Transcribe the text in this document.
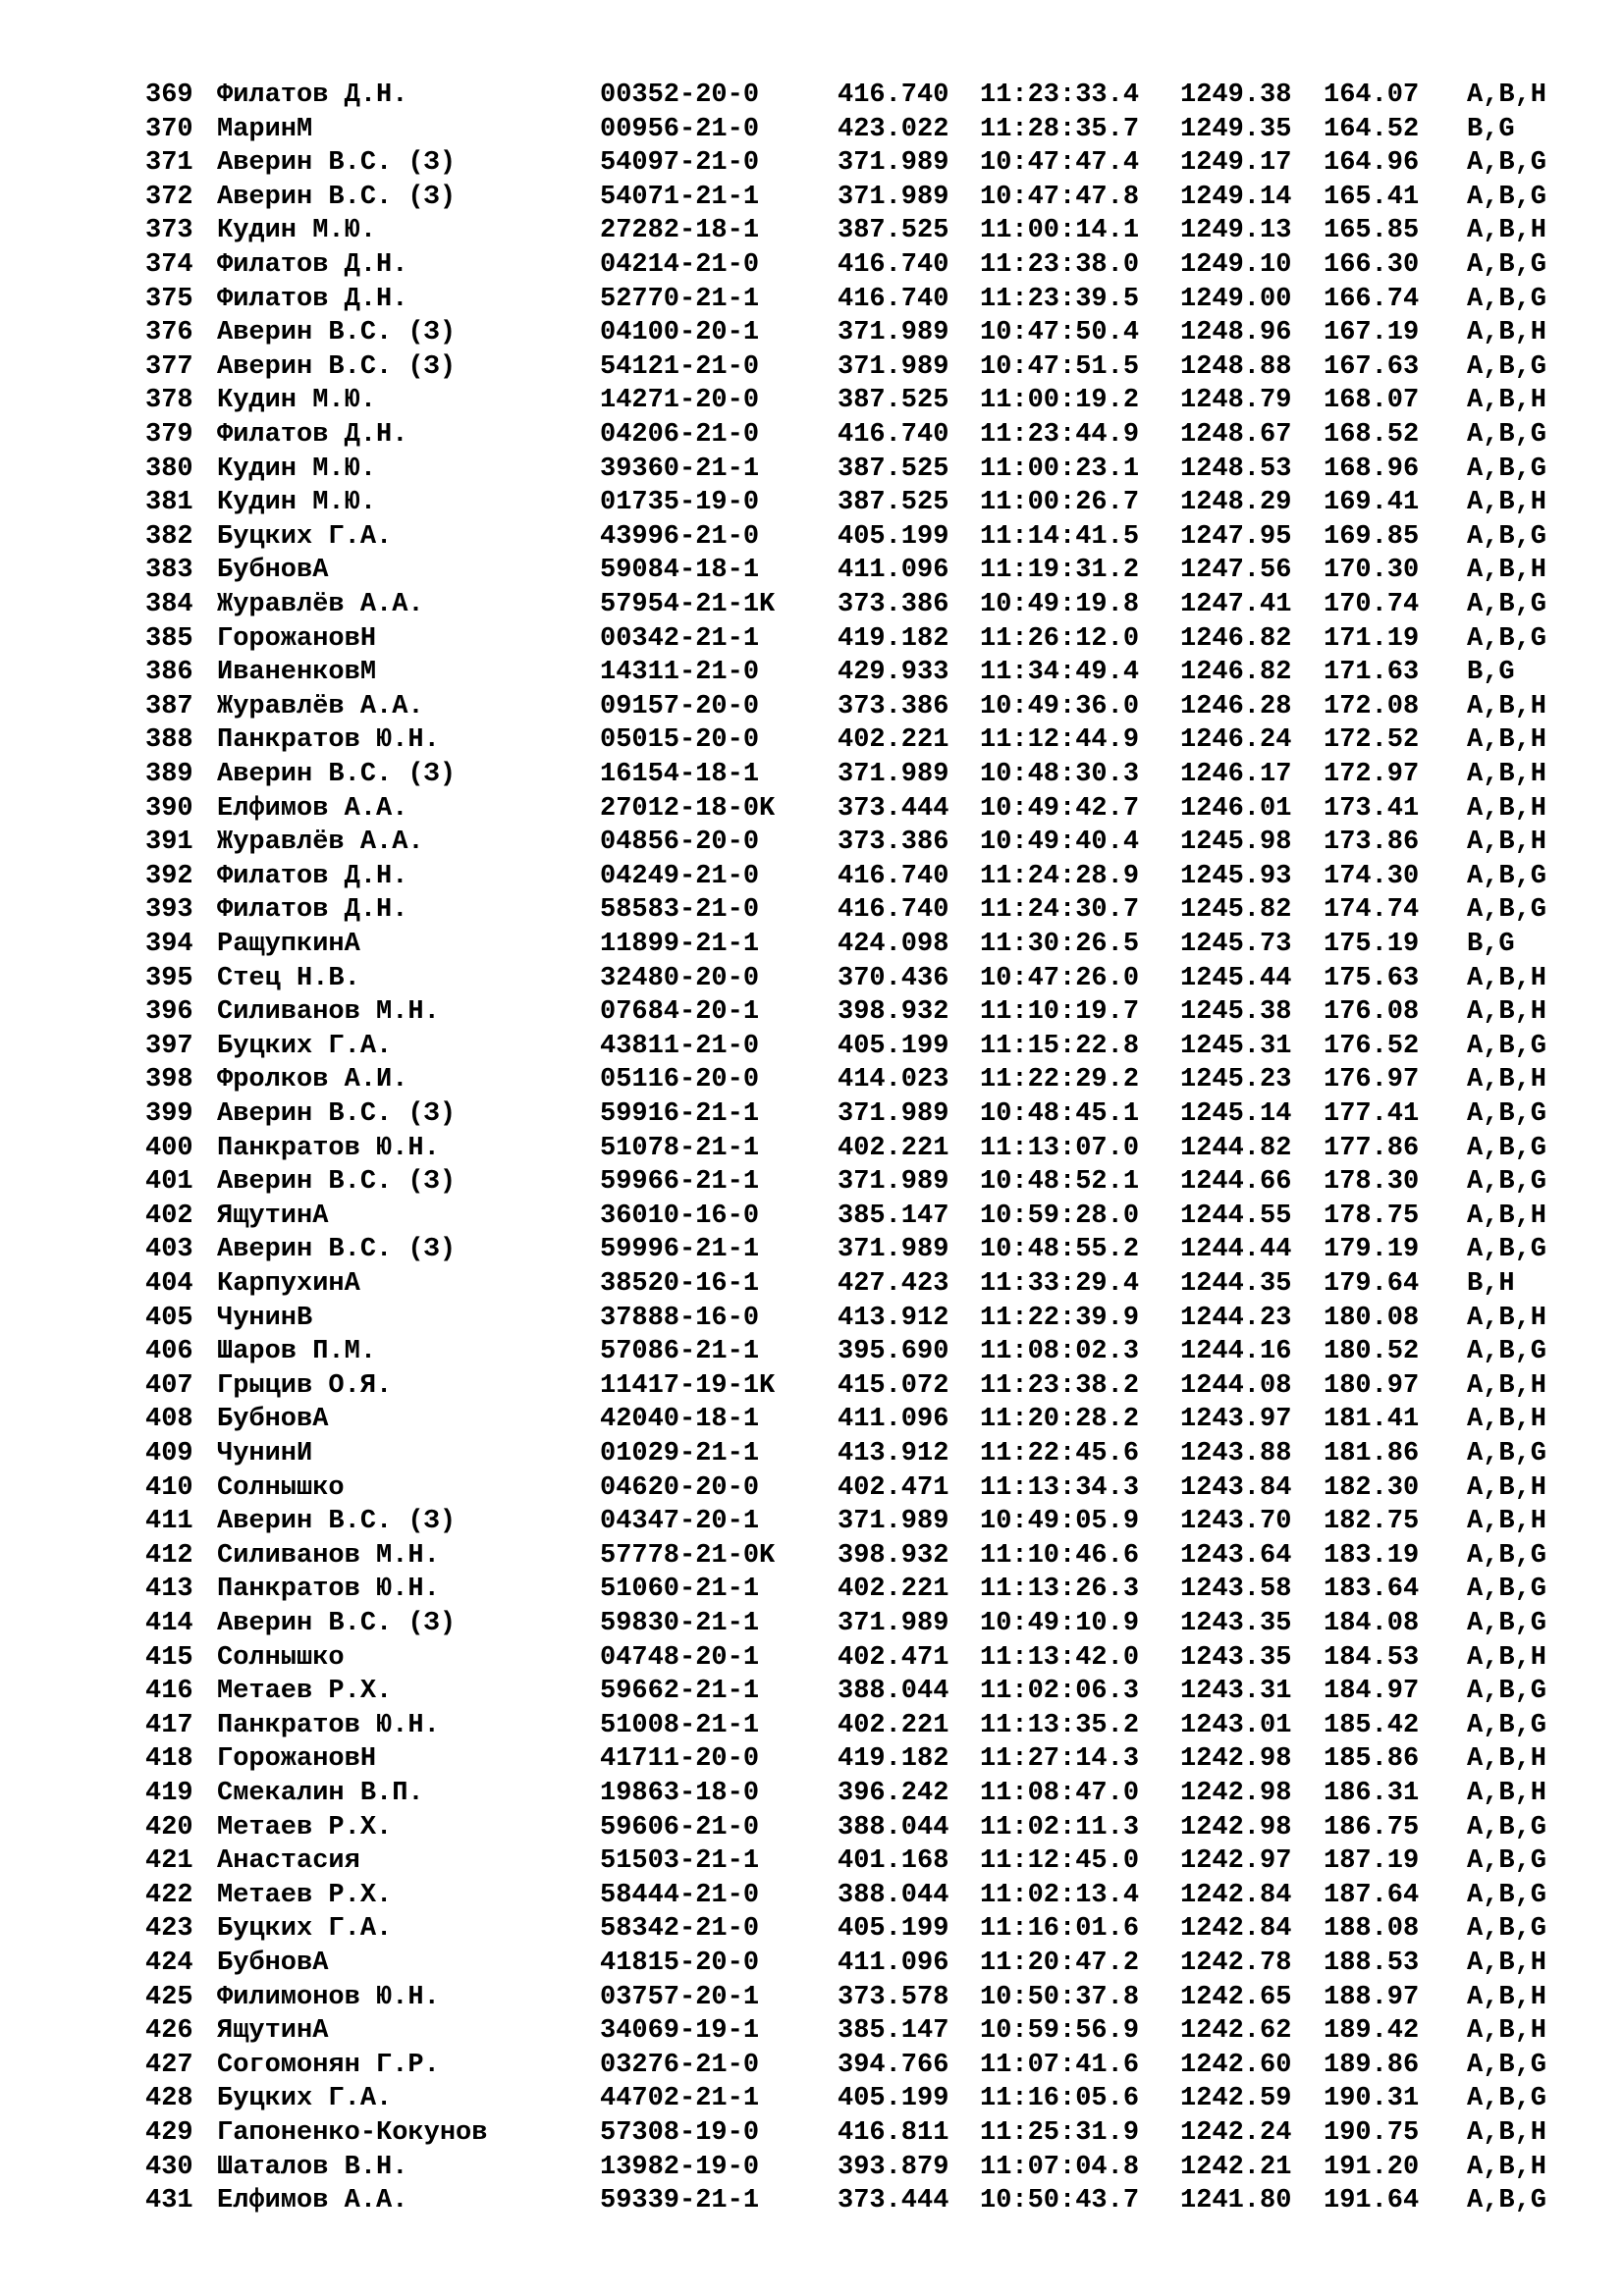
369 Филатов Д.Н.	00352-20-0	416.740 11:23:33.4 1249.38 164.07 A,B,H
370 МаринМ	00956-21-0	423.022 11:28:35.7 1249.35 164.52 B,G
371 Аверин В.С. (З)	54097-21-0	371.989 10:47:47.4 1249.17 164.96 A,B,G
372 Аверин В.С. (З)	54071-21-1	371.989 10:47:47.8 1249.14 165.41 A,B,G
373 Кудин М.Ю.	27282-18-1	387.525 11:00:14.1 1249.13 165.85 A,B,H
374 Филатов Д.Н.	04214-21-0	416.740 11:23:38.0 1249.10 166.30 A,B,G
375 Филатов Д.Н.	52770-21-1	416.740 11:23:39.5 1249.00 166.74 A,B,G
376 Аверин В.С. (З)	04100-20-1	371.989 10:47:50.4 1248.96 167.19 A,B,H
377 Аверин В.С. (З)	54121-21-0	371.989 10:47:51.5 1248.88 167.63 A,B,G
378 Кудин М.Ю.	14271-20-0	387.525 11:00:19.2 1248.79 168.07 A,B,H
379 Филатов Д.Н.	04206-21-0	416.740 11:23:44.9 1248.67 168.52 A,B,G
380 Кудин М.Ю.	39360-21-1	387.525 11:00:23.1 1248.53 168.96 A,B,G
381 Кудин М.Ю.	01735-19-0	387.525 11:00:26.7 1248.29 169.41 A,B,H
382 Буцких Г.А.	43996-21-0	405.199 11:14:41.5 1247.95 169.85 A,B,G
383 БубновА	59084-18-1	411.096 11:19:31.2 1247.56 170.30 A,B,H
384 Журавлёв А.А.	57954-21-1K 373.386 10:49:19.8 1247.41 170.74 A,B,G
385 ГорожановН	00342-21-1	419.182 11:26:12.0 1246.82 171.19 A,B,G
386 ИваненковМ	14311-21-0	429.933 11:34:49.4 1246.82 171.63 B,G
387 Журавлёв А.А.	09157-20-0	373.386 10:49:36.0 1246.28 172.08 A,B,H
388 Панкратов Ю.Н.	05015-20-0	402.221 11:12:44.9 1246.24 172.52 A,B,H
389 Аверин В.С. (З)	16154-18-1	371.989 10:48:30.3 1246.17 172.97 A,B,H
390 Елфимов А.А.	27012-18-0K 373.444 10:49:42.7 1246.01 173.41 A,B,H
391 Журавлёв А.А.	04856-20-0	373.386 10:49:40.4 1245.98 173.86 A,B,H
392 Филатов Д.Н.	04249-21-0	416.740 11:24:28.9 1245.93 174.30 A,B,G
393 Филатов Д.Н.	58583-21-0	416.740 11:24:30.7 1245.82 174.74 A,B,G
394 РащупкинА	11899-21-1	424.098 11:30:26.5 1245.73 175.19 B,G
395 Стец Н.В.	32480-20-0	370.436 10:47:26.0 1245.44 175.63 A,B,H
396 Силиванов М.Н.	07684-20-1	398.932 11:10:19.7 1245.38 176.08 A,B,H
397 Буцких Г.А.	43811-21-0	405.199 11:15:22.8 1245.31 176.52 A,B,G
398 Фролков А.И.	05116-20-0	414.023 11:22:29.2 1245.23 176.97 A,B,H
399 Аверин В.С. (З)	59916-21-1	371.989 10:48:45.1 1245.14 177.41 A,B,G
400 Панкратов Ю.Н.	51078-21-1	402.221 11:13:07.0 1244.82 177.86 A,B,G
401 Аверин В.С. (З)	59966-21-1	371.989 10:48:52.1 1244.66 178.30 A,B,G
402 ЯщутинА	36010-16-0	385.147 10:59:28.0 1244.55 178.75 A,B,H
403 Аверин В.С. (З)	59996-21-1	371.989 10:48:55.2 1244.44 179.19 A,B,G
404 КарпухинА	38520-16-1	427.423 11:33:29.4 1244.35 179.64 B,H
405 ЧунинВ	37888-16-0	413.912 11:22:39.9 1244.23 180.08 A,B,H
406 Шаров П.М.	57086-21-1	395.690 11:08:02.3 1244.16 180.52 A,B,G
407 Грыцив О.Я.	11417-19-1K 415.072 11:23:38.2 1244.08 180.97 A,B,H
408 БубновА	42040-18-1	411.096 11:20:28.2 1243.97 181.41 A,B,H
409 ЧунинИ	01029-21-1	413.912 11:22:45.6 1243.88 181.86 A,B,G
410 Солнышко	04620-20-0	402.471 11:13:34.3 1243.84 182.30 A,B,H
411 Аверин В.С. (З)	04347-20-1	371.989 10:49:05.9 1243.70 182.75 A,B,H
412 Силиванов М.Н.	57778-21-0K 398.932 11:10:46.6 1243.64 183.19 A,B,G
413 Панкратов Ю.Н.	51060-21-1	402.221 11:13:26.3 1243.58 183.64 A,B,G
414 Аверин В.С. (З)	59830-21-1	371.989 10:49:10.9 1243.35 184.08 A,B,G
415 Солнышко	04748-20-1	402.471 11:13:42.0 1243.35 184.53 A,B,H
416 Метаев Р.Х.	59662-21-1	388.044 11:02:06.3 1243.31 184.97 A,B,G
417 Панкратов Ю.Н.	51008-21-1	402.221 11:13:35.2 1243.01 185.42 A,B,G
418 ГорожановН	41711-20-0	419.182 11:27:14.3 1242.98 185.86 A,B,H
419 Смекалин В.П.	19863-18-0	396.242 11:08:47.0 1242.98 186.31 A,B,H
420 Метаев Р.Х.	59606-21-0	388.044 11:02:11.3 1242.98 186.75 A,B,G
421 Анастасия	51503-21-1	401.168 11:12:45.0 1242.97 187.19 A,B,G
422 Метаев Р.Х.	58444-21-0	388.044 11:02:13.4 1242.84 187.64 A,B,G
423 Буцких Г.А.	58342-21-0	405.199 11:16:01.6 1242.84 188.08 A,B,G
424 БубновА	41815-20-0	411.096 11:20:47.2 1242.78 188.53 A,B,H
425 Филимонов Ю.Н.	03757-20-1	373.578 10:50:37.8 1242.65 188.97 A,B,H
426 ЯщутинА	34069-19-1	385.147 10:59:56.9 1242.62 189.42 A,B,H
427 Согомонян Г.Р.	03276-21-0	394.766 11:07:41.6 1242.60 189.86 A,B,G
428 Буцких Г.А.	44702-21-1	405.199 11:16:05.6 1242.59 190.31 A,B,G
429 Гапоненко-Кокунов	57308-19-0	416.811 11:25:31.9 1242.24 190.75 A,B,H
430 Шаталов В.Н.	13982-19-0	393.879 11:07:04.8 1242.21 191.20 A,B,H
431 Елфимов А.А.	59339-21-1	373.444 10:50:43.7 1241.80 191.64 A,B,G
